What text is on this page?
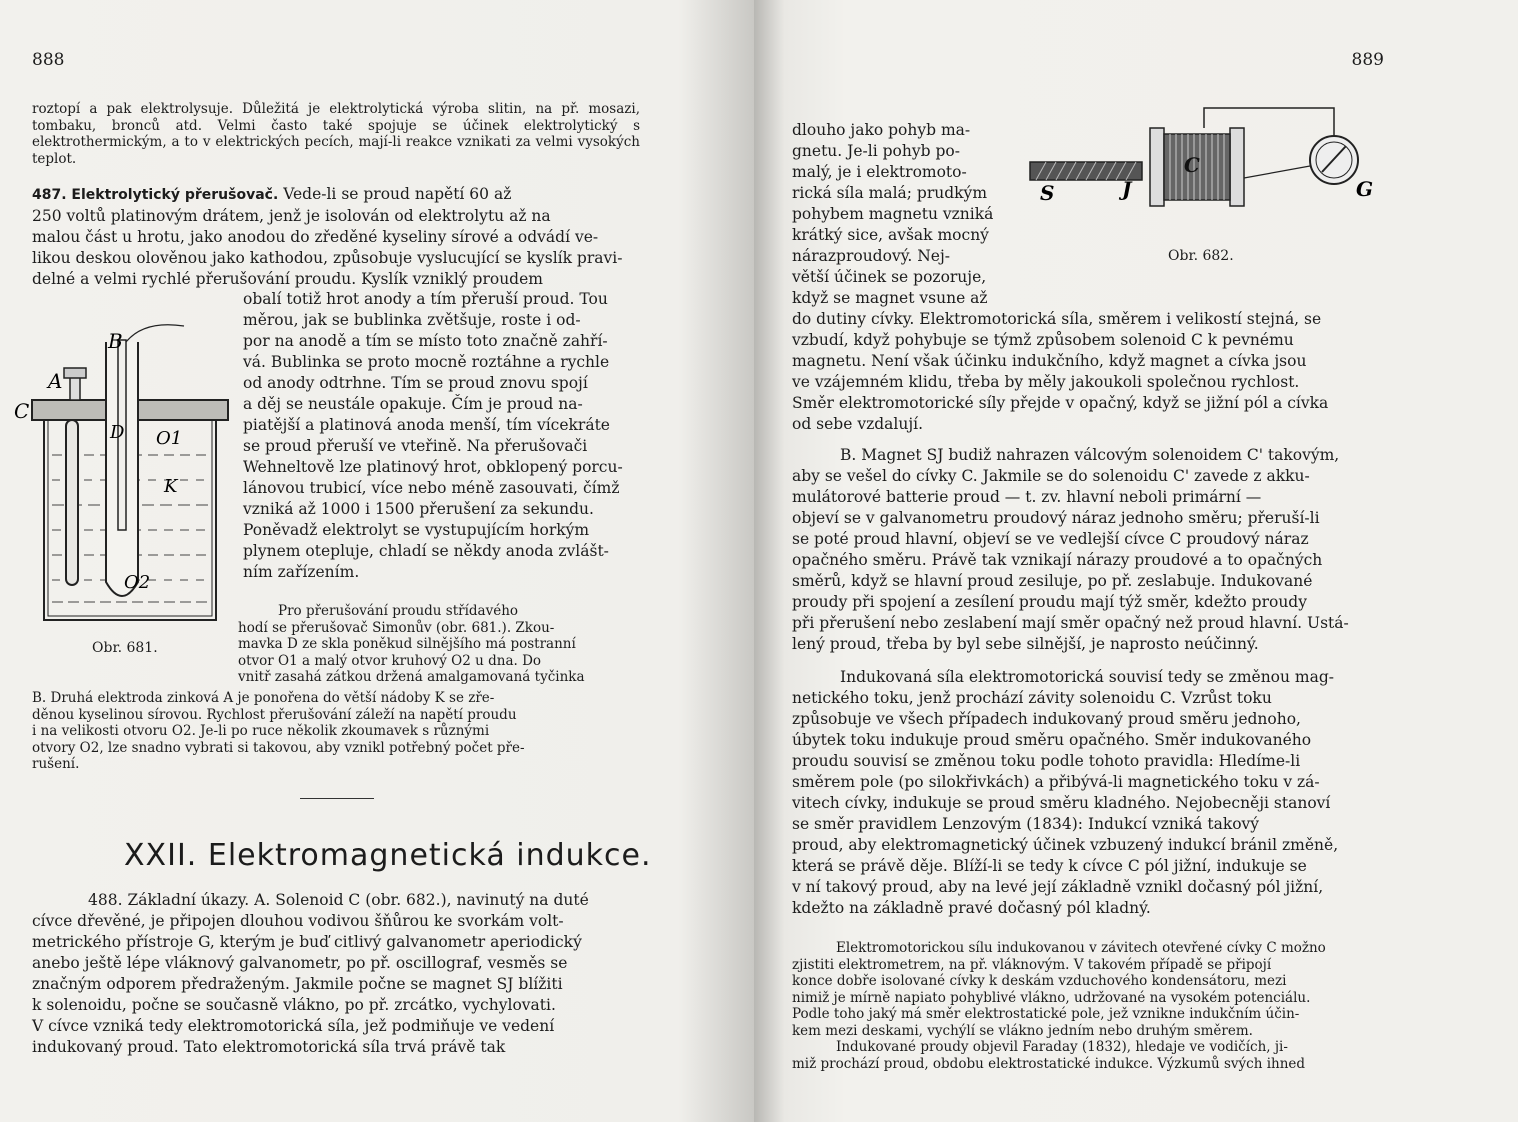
888
roztopí a pak elektrolysuje. Důležitá je elektrolytická výroba slitin, na př. mosazi, tombaku, bronců atd. Velmi často také spojuje se účinek elektrolytický s elektrothermickým, a to v elektrických pecích, mají-li reakce vznikati za velmi vysokých teplot.
487. Elektrolytický přerušovač. Vede-li se proud napětí 60 až
250 voltů platinovým drátem, jenž je isolován od elektrolytu až na
malou část u hrotu, jako anodou do zředěné kyseliny sírové a odvádí ve-
likou deskou olověnou jako kathodou, způsobuje vyslucující se kyslík pravi-
delné a velmi rychlé přerušování proudu. Kyslík vzniklý proudem
obalí totiž hrot anody a tím přeruší proud. Tou
měrou, jak se bublinka zvětšuje, roste i od-
por na anodě a tím se místo toto značně zahří-
vá. Bublinka se proto mocně roztáhne a rychle
od anody odtrhne. Tím se proud znovu spojí
a děj se neustále opakuje. Čím je proud na-
piatější a platinová anoda menší, tím vícekráte
se proud přeruší ve vteřině. Na přerušovači
Wehneltově lze platinový hrot, obklopený porcu-
lánovou trubicí, více nebo méně zasouvati, čímž
vzniká až 1000 i 1500 přerušení za sekundu.
Poněvadž elektrolyt se vystupujícím horkým
plynem otepluje, chladí se někdy anoda zvlášt-
ním zařízením.
B
A
C
D O1
K
O2
Obr. 681.
Pro přerušování proudu střídavého
hodí se přerušovač Simonův (obr. 681.). Zkou-
mavka D ze skla poněkud silnějšího má postranní
otvor O1 a malý otvor kruhový O2 u dna. Do
vnitř zasahá zátkou držená amalgamovaná tyčinka
B. Druhá elektroda zinková A je ponořena do větší nádoby K se zře-
děnou kyselinou sírovou. Rychlost přerušování záleží na napětí proudu
i na velikosti otvoru O2. Je-li po ruce několik zkoumavek s různými
otvory O2, lze snadno vybrati si takovou, aby vznikl potřebný počet pře-
rušení.
XXII. Elektromagnetická indukce.
488. Základní úkazy. A. Solenoid C (obr. 682.), navinutý na duté
cívce dřevěné, je připojen dlouhou vodivou šňůrou ke svorkám volt-
metrického přístroje G, kterým je buď citlivý galvanometr aperiodický
anebo ještě lépe vláknový galvanometr, po př. oscillograf, vesměs se
značným odporem předraženým. Jakmile počne se magnet SJ blížiti
k solenoidu, počne se současně vlákno, po př. zrcátko, vychylovati.
V cívce vzniká tedy elektromotorická síla, jež podmiňuje ve vedení
indukovaný proud. Tato elektromotorická síla trvá právě tak
889
dlouho jako pohyb ma-
gnetu. Je-li pohyb po-
malý, je i elektromoto-
rická síla malá; prudkým
pohybem magnetu vzniká
krátký sice, avšak mocný
nárazproudový. Nej-
větší účinek se pozoruje,
když se magnet vsune až
S	J
C
G
Obr. 682.
do dutiny cívky. Elektromotorická síla, směrem i velikostí stejná, se
vzbudí, když pohybuje se týmž způsobem solenoid C k pevnému
magnetu. Není však účinku indukčního, když magnet a cívka jsou
ve vzájemném klidu, třeba by měly jakoukoli společnou rychlost.
Směr elektromotorické síly přejde v opačný, když se jižní pól a cívka
od sebe vzdalují.
B. Magnet SJ budiž nahrazen válcovým solenoidem C' takovým,
aby se vešel do cívky C. Jakmile se do solenoidu C' zavede z akku-
mulátorové batterie proud — t. zv. hlavní neboli primární —
objeví se v galvanometru proudový náraz jednoho směru; přeruší-li
se poté proud hlavní, objeví se ve vedlejší cívce C proudový náraz
opačného směru. Právě tak vznikají nárazy proudové a to opačných
směrů, když se hlavní proud zesiluje, po př. zeslabuje. Indukované
proudy při spojení a zesílení proudu mají týž směr, kdežto proudy
při přerušení nebo zeslabení mají směr opačný než proud hlavní. Ustá-
lený proud, třeba by byl sebe silnější, je naprosto neúčinný.
Indukovaná síla elektromotorická souvisí tedy se změnou mag-
netického toku, jenž prochází závity solenoidu C. Vzrůst toku
způsobuje ve všech případech indukovaný proud směru jednoho,
úbytek toku indukuje proud směru opačného. Směr indukovaného
proudu souvisí se změnou toku podle tohoto pravidla: Hledíme-li
směrem pole (po silokřivkách) a přibývá-li magnetického toku v zá-
vitech cívky, indukuje se proud směru kladného. Nejobecněji stanoví
se směr pravidlem Lenzovým (1834): Indukcí vzniká takový
proud, aby elektromagnetický účinek vzbuzený indukcí bránil změně,
která se právě děje. Blíží-li se tedy k cívce C pól jižní, indukuje se
v ní takový proud, aby na levé její základně vznikl dočasný pól jižní,
kdežto na základně pravé dočasný pól kladný.
Elektromotorickou sílu indukovanou v závitech otevřené cívky C možno
zjistiti elektrometrem, na př. vláknovým. V takovém případě se připojí
konce dobře isolované cívky k deskám vzduchového kondensátoru, mezi
nimiž je mírně napiato pohyblivé vlákno, udržované na vysokém potenciálu.
Podle toho jaký má směr elektrostatické pole, jež vznikne indukčním účin-
kem mezi deskami, vychýlí se vlákno jedním nebo druhým směrem.
Indukované proudy objevil Faraday (1832), hledaje ve vodičích, ji-
miž prochází proud, obdobu elektrostatické indukce. Výzkumů svých ihned
